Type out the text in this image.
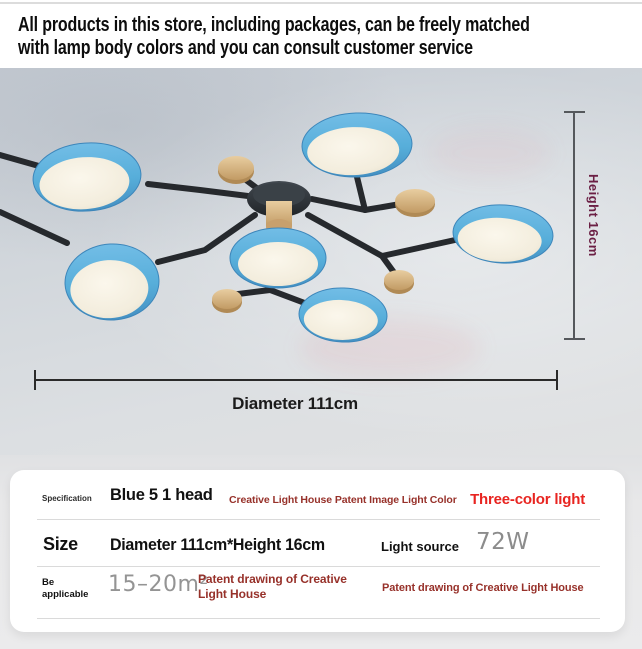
All products in this store, including packages, can be freely matched
with lamp body colors and you can consult customer service
Height 16cm
Diameter 111cm
Specification Blue 5 1 head Creative Light House Patent Image Light Color Three-color light
Size Diameter 111cm*Height 16cm	Light source 72W
Be applicable 15–20m²
Patent drawing of Creative Light House	Patent drawing of Creative Light House
